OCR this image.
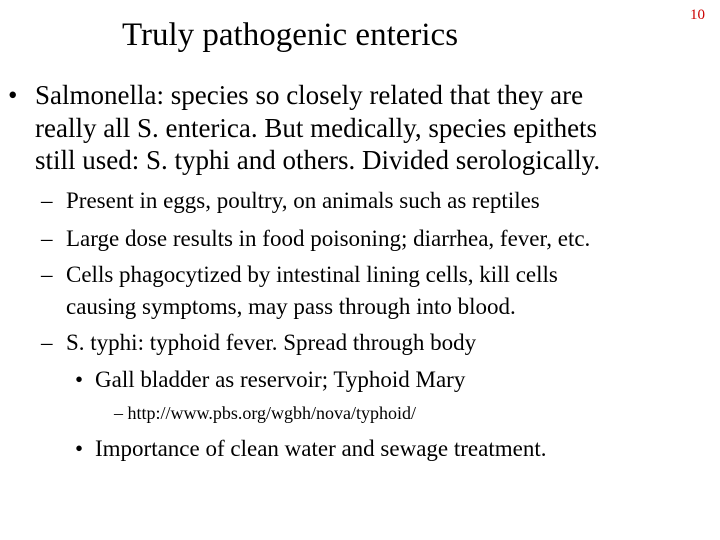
Truly pathogenic enterics
10
• Salmonella: species so closely related that they are
really all S. enterica. But medically, species epithets
still used: S. typhi and others. Divided serologically.
– Present in eggs, poultry, on animals such as reptiles
– Large dose results in food poisoning; diarrhea, fever, etc.
– Cells phagocytized by intestinal lining cells, kill cells
causing symptoms, may pass through into blood.
– S. typhi: typhoid fever. Spread through body
• Gall bladder as reservoir; Typhoid Mary
– http://www.pbs.org/wgbh/nova/typhoid/
• Importance of clean water and sewage treatment.
